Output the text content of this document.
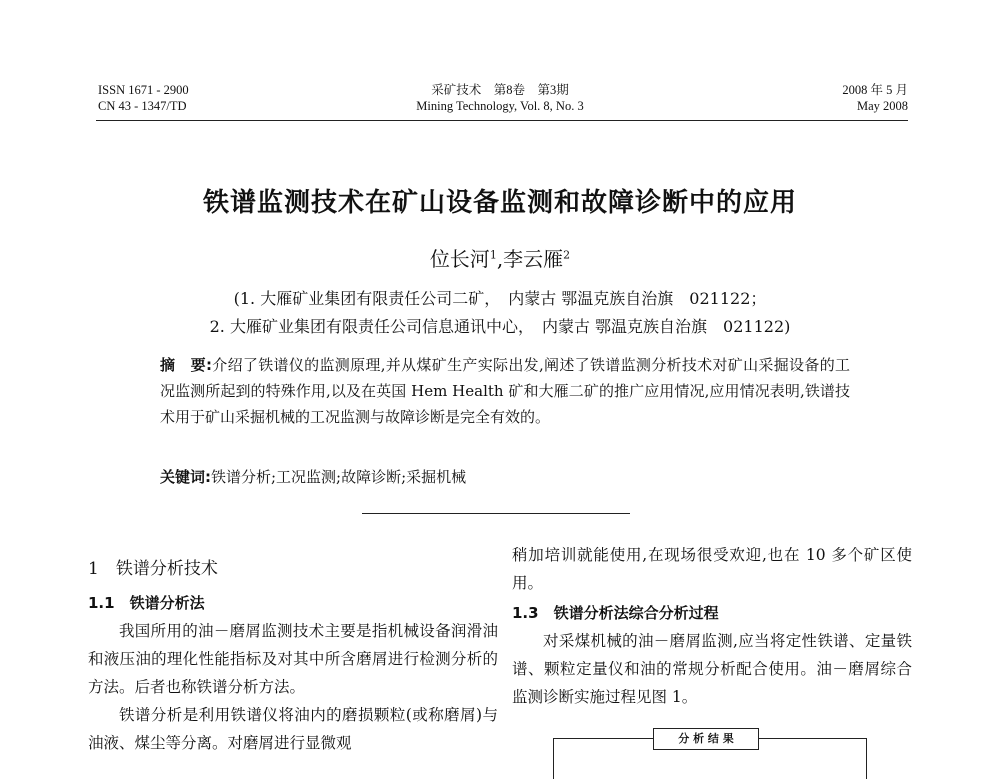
ISSN 1671 - 2900
CN 43 - 1347/TD
采矿技术　第8卷　第3期
Mining Technology, Vol. 8, No. 3
2008 年 5 月
May 2008
铁谱监测技术在矿山设备监测和故障诊断中的应用
位长河$^1$,李云雁$^2$
(1. 大雁矿业集团有限责任公司二矿，　内蒙古 鄂温克族自治旗　021122；
2. 大雁矿业集团有限责任公司信息通讯中心，　内蒙古 鄂温克族自治旗　021122)
摘　要:介绍了铁谱仪的监测原理,并从煤矿生产实际出发,阐述了铁谱监测分析技术对矿山采掘设备的工况监测所起到的特殊作用,以及在英国 Hem Health 矿和大雁二矿的推广应用情况,应用情况表明,铁谱技术用于矿山采掘机械的工况监测与故障诊断是完全有效的。
关键词:铁谱分析;工况监测;故障诊断;采掘机械
1　铁谱分析技术
1.1　铁谱分析法

我国所用的油－磨屑监测技术主要是指机械设备润滑油和液压油的理化性能指标及对其中所含磨屑进行检测分析的方法。后者也称铁谱分析方法。

铁谱分析是利用铁谱仪将油内的磨损颗粒(或称磨屑)与油液、煤尘等分离。对磨屑进行显微观

稍加培训就能使用,在现场很受欢迎,也在 10 多个矿区使用。

1.3　铁谱分析法综合分析过程

对采煤机械的油－磨屑监测,应当将定性铁谱、定量铁谱、颗粒定量仪和油的常规分析配合使用。油－磨屑综合监测诊断实施过程见图 1。

分 析 结 果
